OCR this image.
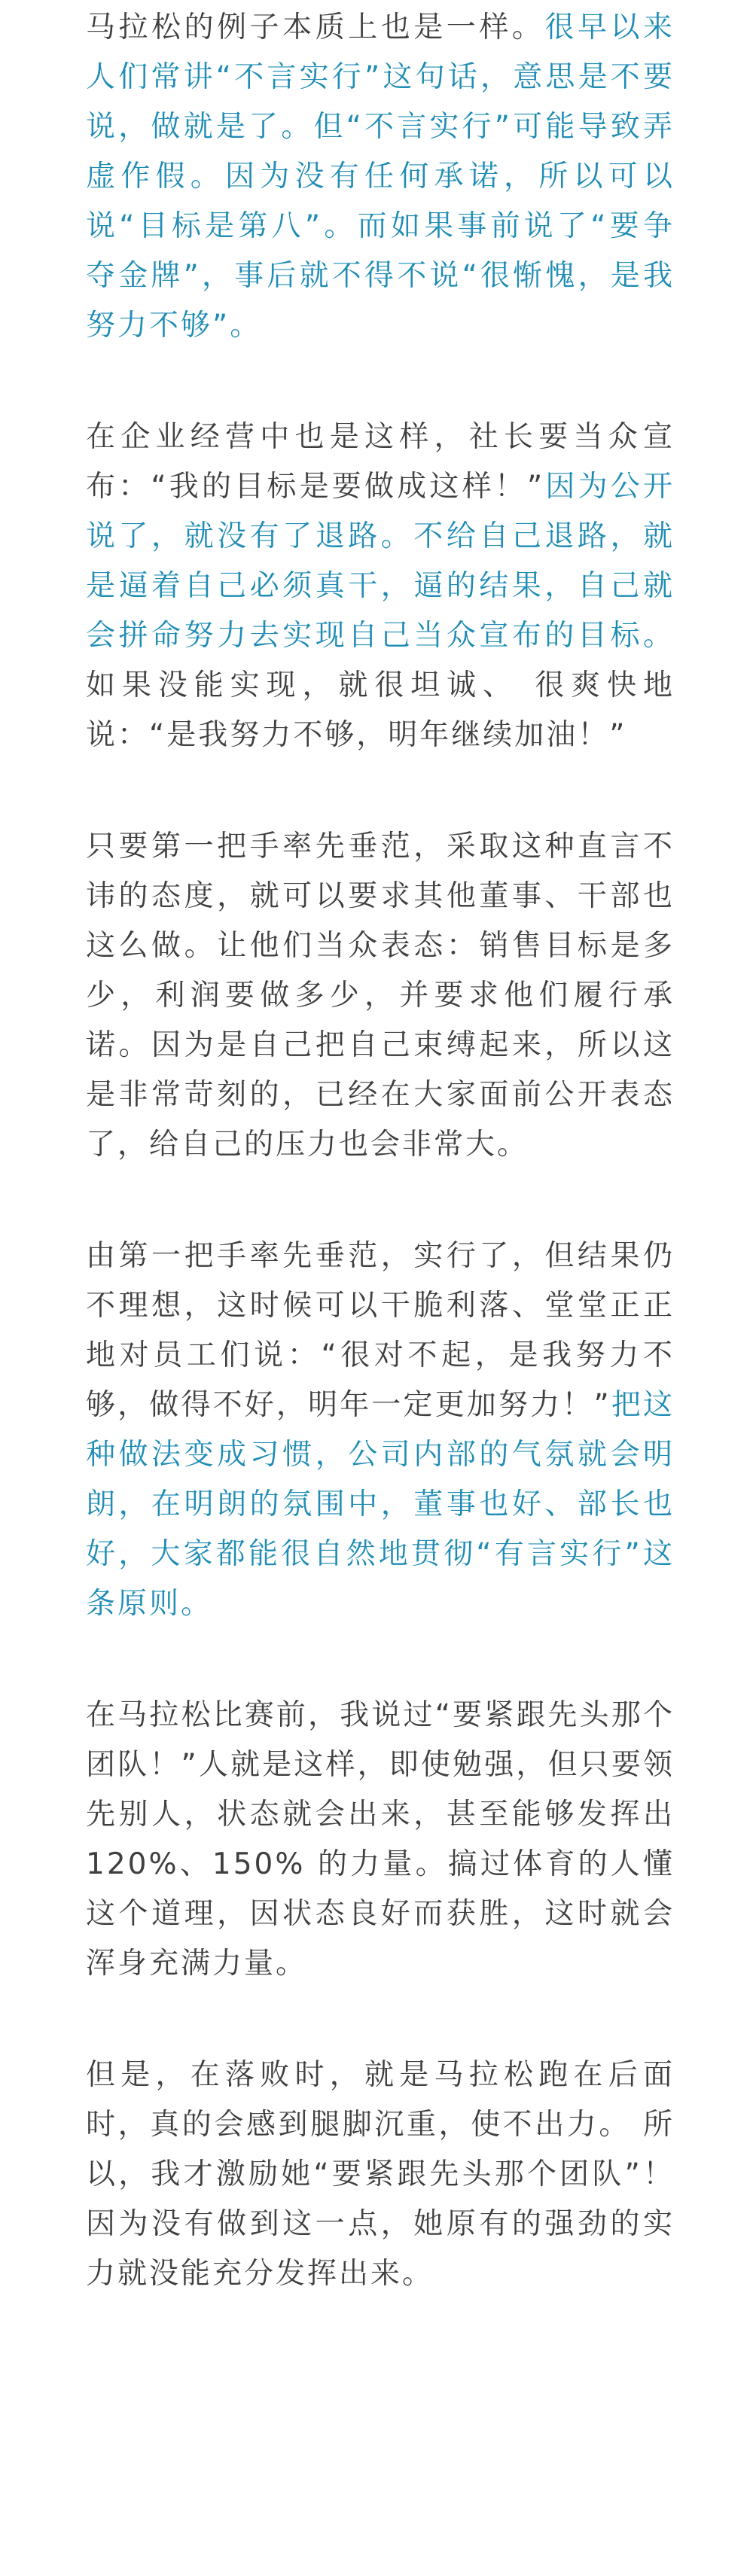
马拉松的例子本质上也是一样。很早以来人们常讲“不言实行”这句话，意思是不要说，做就是了。但“不言实行”可能导致弄虚作假。因为没有任何承诺，所以可以说“目标是第八”。而如果事前说了“要争夺金牌”，事后就不得不说“很惭愧，是我努力不够”。

在企业经营中也是这样，社长要当众宣布：“我的目标是要做成这样！”因为公开说了，就没有了退路。不给自己退路，就是逼着自己必须真干，逼的结果，自己就会拼命努力去实现自己当众宣布的目标。如果没能实现，就很坦诚、 很爽快地说：“是我努力不够，明年继续加油！”

只要第一把手率先垂范，采取这种直言不讳的态度，就可以要求其他董事、干部也这么做。让他们当众表态：销售目标是多少，利润要做多少，并要求他们履行承诺。因为是自己把自己束缚起来，所以这是非常苛刻的，已经在大家面前公开表态了，给自己的压力也会非常大。

由第一把手率先垂范，实行了，但结果仍不理想，这时候可以干脆利落、堂堂正正地对员工们说：“很对不起，是我努力不够，做得不好，明年一定更加努力！”把这种做法变成习惯，公司内部的气氛就会明朗，在明朗的氛围中，董事也好、部长也好，大家都能很自然地贯彻“有言实行”这条原则。

在马拉松比赛前，我说过“要紧跟先头那个团队！”人就是这样，即使勉强，但只要领先别人，状态就会出来，甚至能够发挥出120%、150% 的力量。搞过体育的人懂这个道理，因状态良好而获胜，这时就会浑身充满力量。

但是，在落败时，就是马拉松跑在后面时，真的会感到腿脚沉重，使不出力。 所以，我才激励她“要紧跟先头那个团队”！ 因为没有做到这一点，她原有的强劲的实力就没能充分发挥出来。
